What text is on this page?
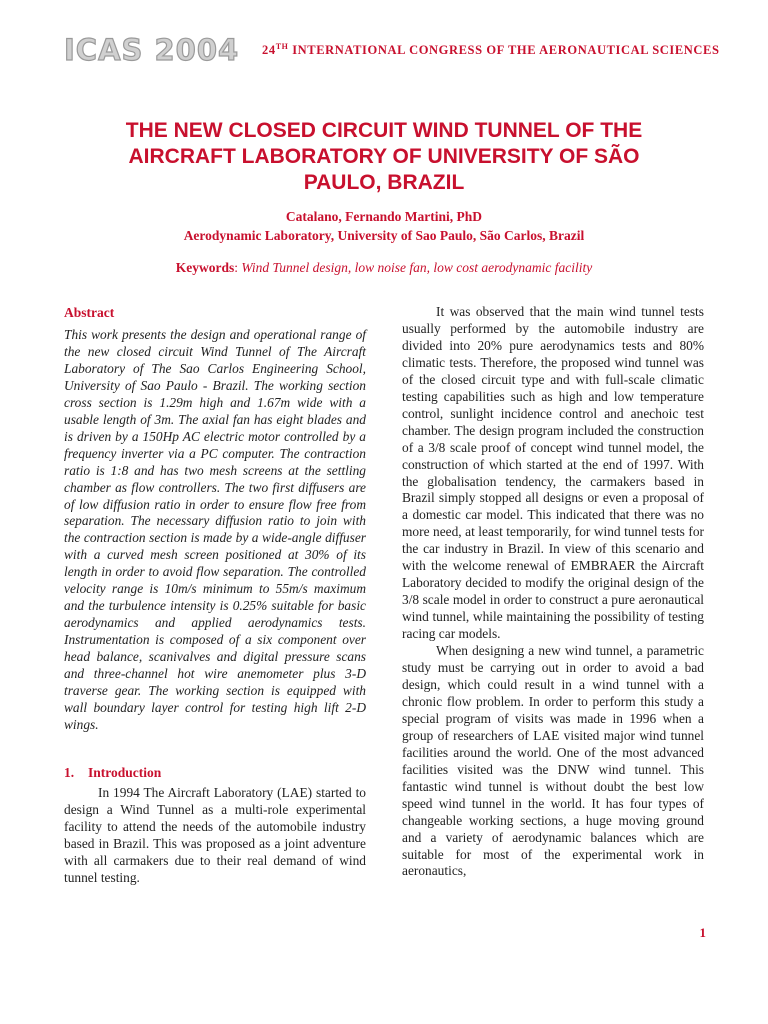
ICAS 2004 24TH INTERNATIONAL CONGRESS OF THE AERONAUTICAL SCIENCES
THE NEW CLOSED CIRCUIT WIND TUNNEL OF THE AIRCRAFT LABORATORY OF UNIVERSITY OF SÃO PAULO, BRAZIL
Catalano, Fernando Martini, PhD
Aerodynamic Laboratory, University of Sao Paulo, São Carlos, Brazil
Keywords: Wind Tunnel design, low noise fan, low cost aerodynamic facility
Abstract

This work presents the design and operational range of the new closed circuit Wind Tunnel of The Aircraft Laboratory of The Sao Carlos Engineering School, University of Sao Paulo - Brazil. The working section cross section is 1.29m high and 1.67m wide with a usable length of 3m. The axial fan has eight blades and is driven by a 150Hp AC electric motor controlled by a frequency inverter via a PC computer. The contraction ratio is 1:8 and has two mesh screens at the settling chamber as flow controllers. The two first diffusers are of low diffusion ratio in order to ensure flow free from separation. The necessary diffusion ratio to join with the contraction section is made by a wide-angle diffuser with a curved mesh screen positioned at 30% of its length in order to avoid flow separation. The controlled velocity range is 10m/s minimum to 55m/s maximum and the turbulence intensity is 0.25% suitable for basic aerodynamics and applied aerodynamics tests. Instrumentation is composed of a six component over head balance, scanivalves and digital pressure scans and three-channel hot wire anemometer plus 3-D traverse gear. The working section is equipped with wall boundary layer control for testing high lift 2-D wings.

1. Introduction

In 1994 The Aircraft Laboratory (LAE) started to design a Wind Tunnel as a multi-role experimental facility to attend the needs of the automobile industry based in Brazil. This was proposed as a joint adventure with all carmakers due to their real demand of wind tunnel testing.

It was observed that the main wind tunnel tests usually performed by the automobile industry are divided into 20% pure aerodynamics tests and 80% climatic tests. Therefore, the proposed wind tunnel was of the closed circuit type and with full-scale climatic testing capabilities such as high and low temperature control, sunlight incidence control and anechoic test chamber. The design program included the construction of a 3/8 scale proof of concept wind tunnel model, the construction of which started at the end of 1997. With the globalisation tendency, the carmakers based in Brazil simply stopped all designs or even a proposal of a domestic car model. This indicated that there was no more need, at least temporarily, for wind tunnel tests for the car industry in Brazil. In view of this scenario and with the welcome renewal of EMBRAER the Aircraft Laboratory decided to modify the original design of the 3/8 scale model in order to construct a pure aeronautical wind tunnel, while maintaining the possibility of testing racing car models.

When designing a new wind tunnel, a parametric study must be carrying out in order to avoid a bad design, which could result in a wind tunnel with a chronic flow problem. In order to perform this study a special program of visits was made in 1996 when a group of researchers of LAE visited major wind tunnel facilities around the world. One of the most advanced facilities visited was the DNW wind tunnel. This fantastic wind tunnel is without doubt the best low speed wind tunnel in the world. It has four types of changeable working sections, a huge moving ground and a variety of aerodynamic balances which are suitable for most of the experimental work in aeronautics,

1
